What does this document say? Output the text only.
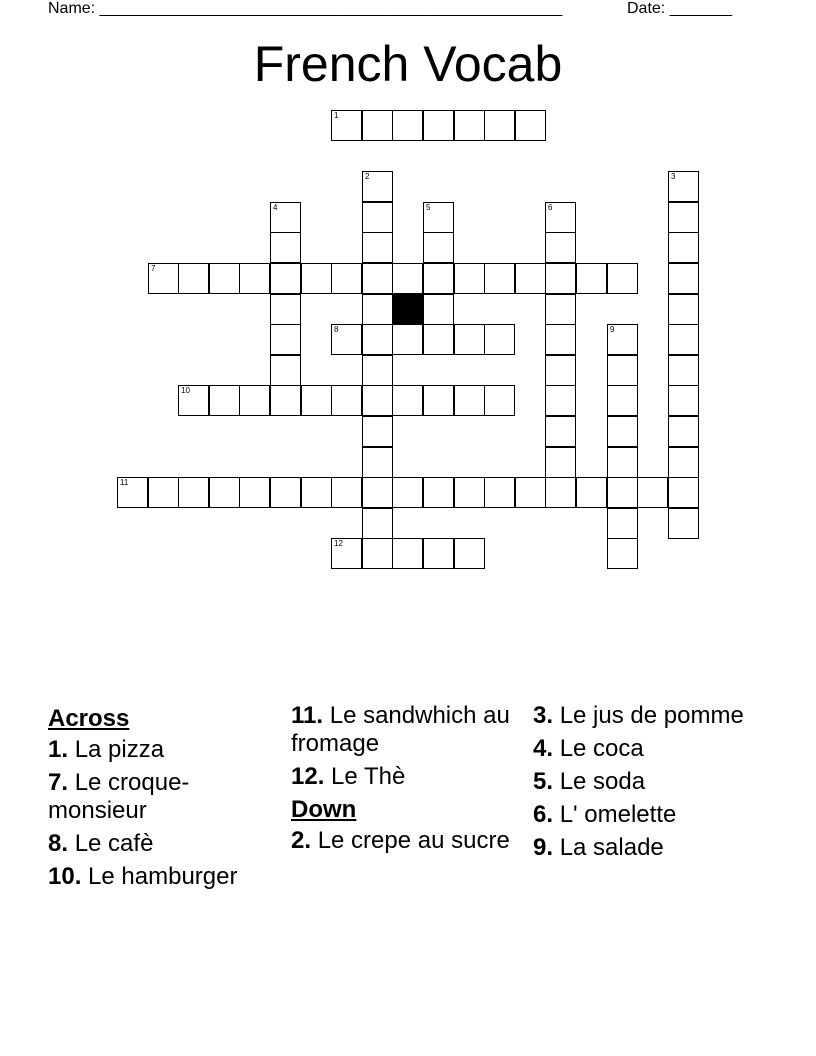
Name: ____________________________________________________	Date: _______
French Vocab
1
2	3
4	5	6
7
8	9
10
11
12
Across
1. La pizza
7. Le croque-monsieur
8. Le cafè
10. Le hamburger
11. Le sandwhich au fromage
12. Le Thè
Down
2. Le crepe au sucre
3. Le jus de pomme
4. Le coca
5. Le soda
6. L' omelette
9. La salade
